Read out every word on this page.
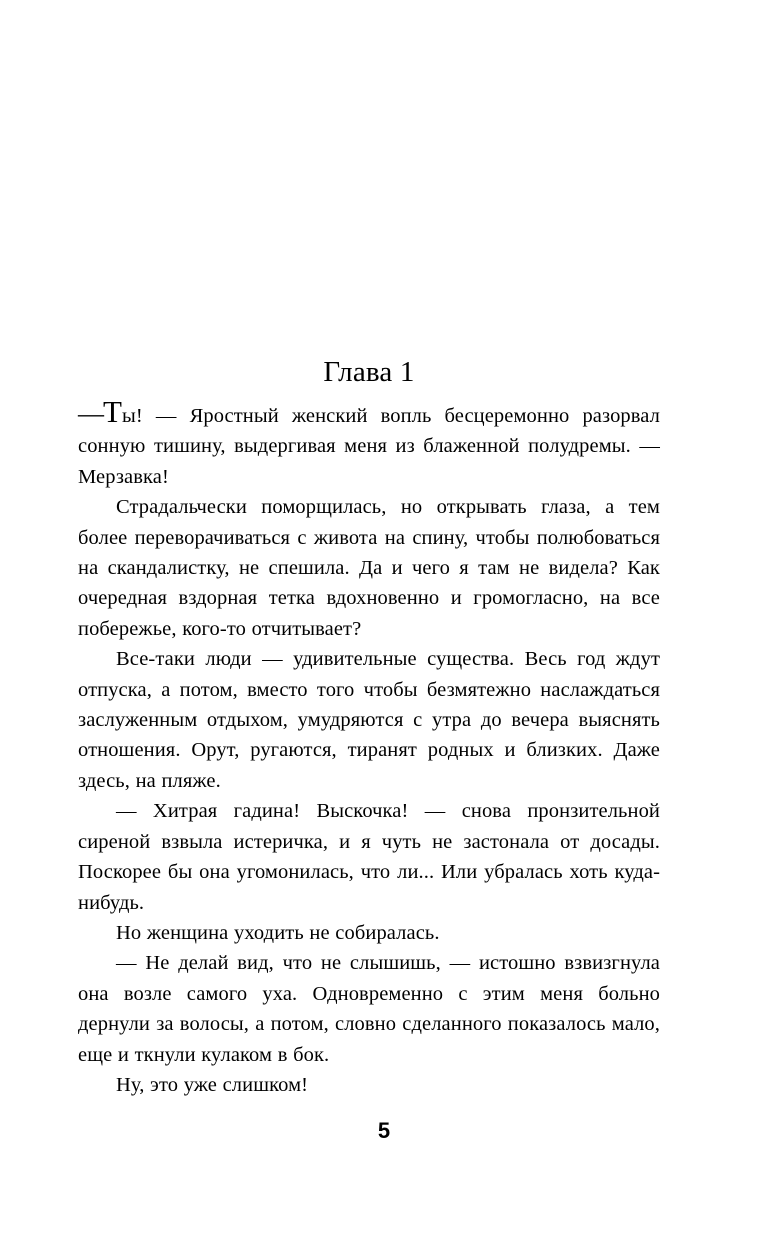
Глава 1

—Ты! — Яростный женский вопль бесцеремонно разорвал сонную тишину, выдергивая меня из блаженной полудремы. — Мерзавка!

Страдальчески поморщилась, но открывать глаза, а тем более переворачиваться с живота на спину, чтобы полюбоваться на скандалистку, не спешила. Да и чего я там не видела? Как очередная вздорная тетка вдохновенно и громогласно, на все побережье, кого-то отчитывает?

Все-таки люди — удивительные существа. Весь год ждут отпуска, а потом, вместо того чтобы безмятежно наслаждаться заслуженным отдыхом, умудряются с утра до вечера выяснять отношения. Орут, ругаются, тиранят родных и близких. Даже здесь, на пляже.

— Хитрая гадина! Выскочка! — снова пронзительной сиреной взвыла истеричка, и я чуть не застонала от досады. Поскорее бы она угомонилась, что ли... Или убралась хоть куда-нибудь.

Но женщина уходить не собиралась.

— Не делай вид, что не слышишь, — истошно взвизгнула она возле самого уха. Одновременно с этим меня больно дернули за волосы, а потом, словно сделанного показалось мало, еще и ткнули кулаком в бок.

Ну, это уже слишком!

5
